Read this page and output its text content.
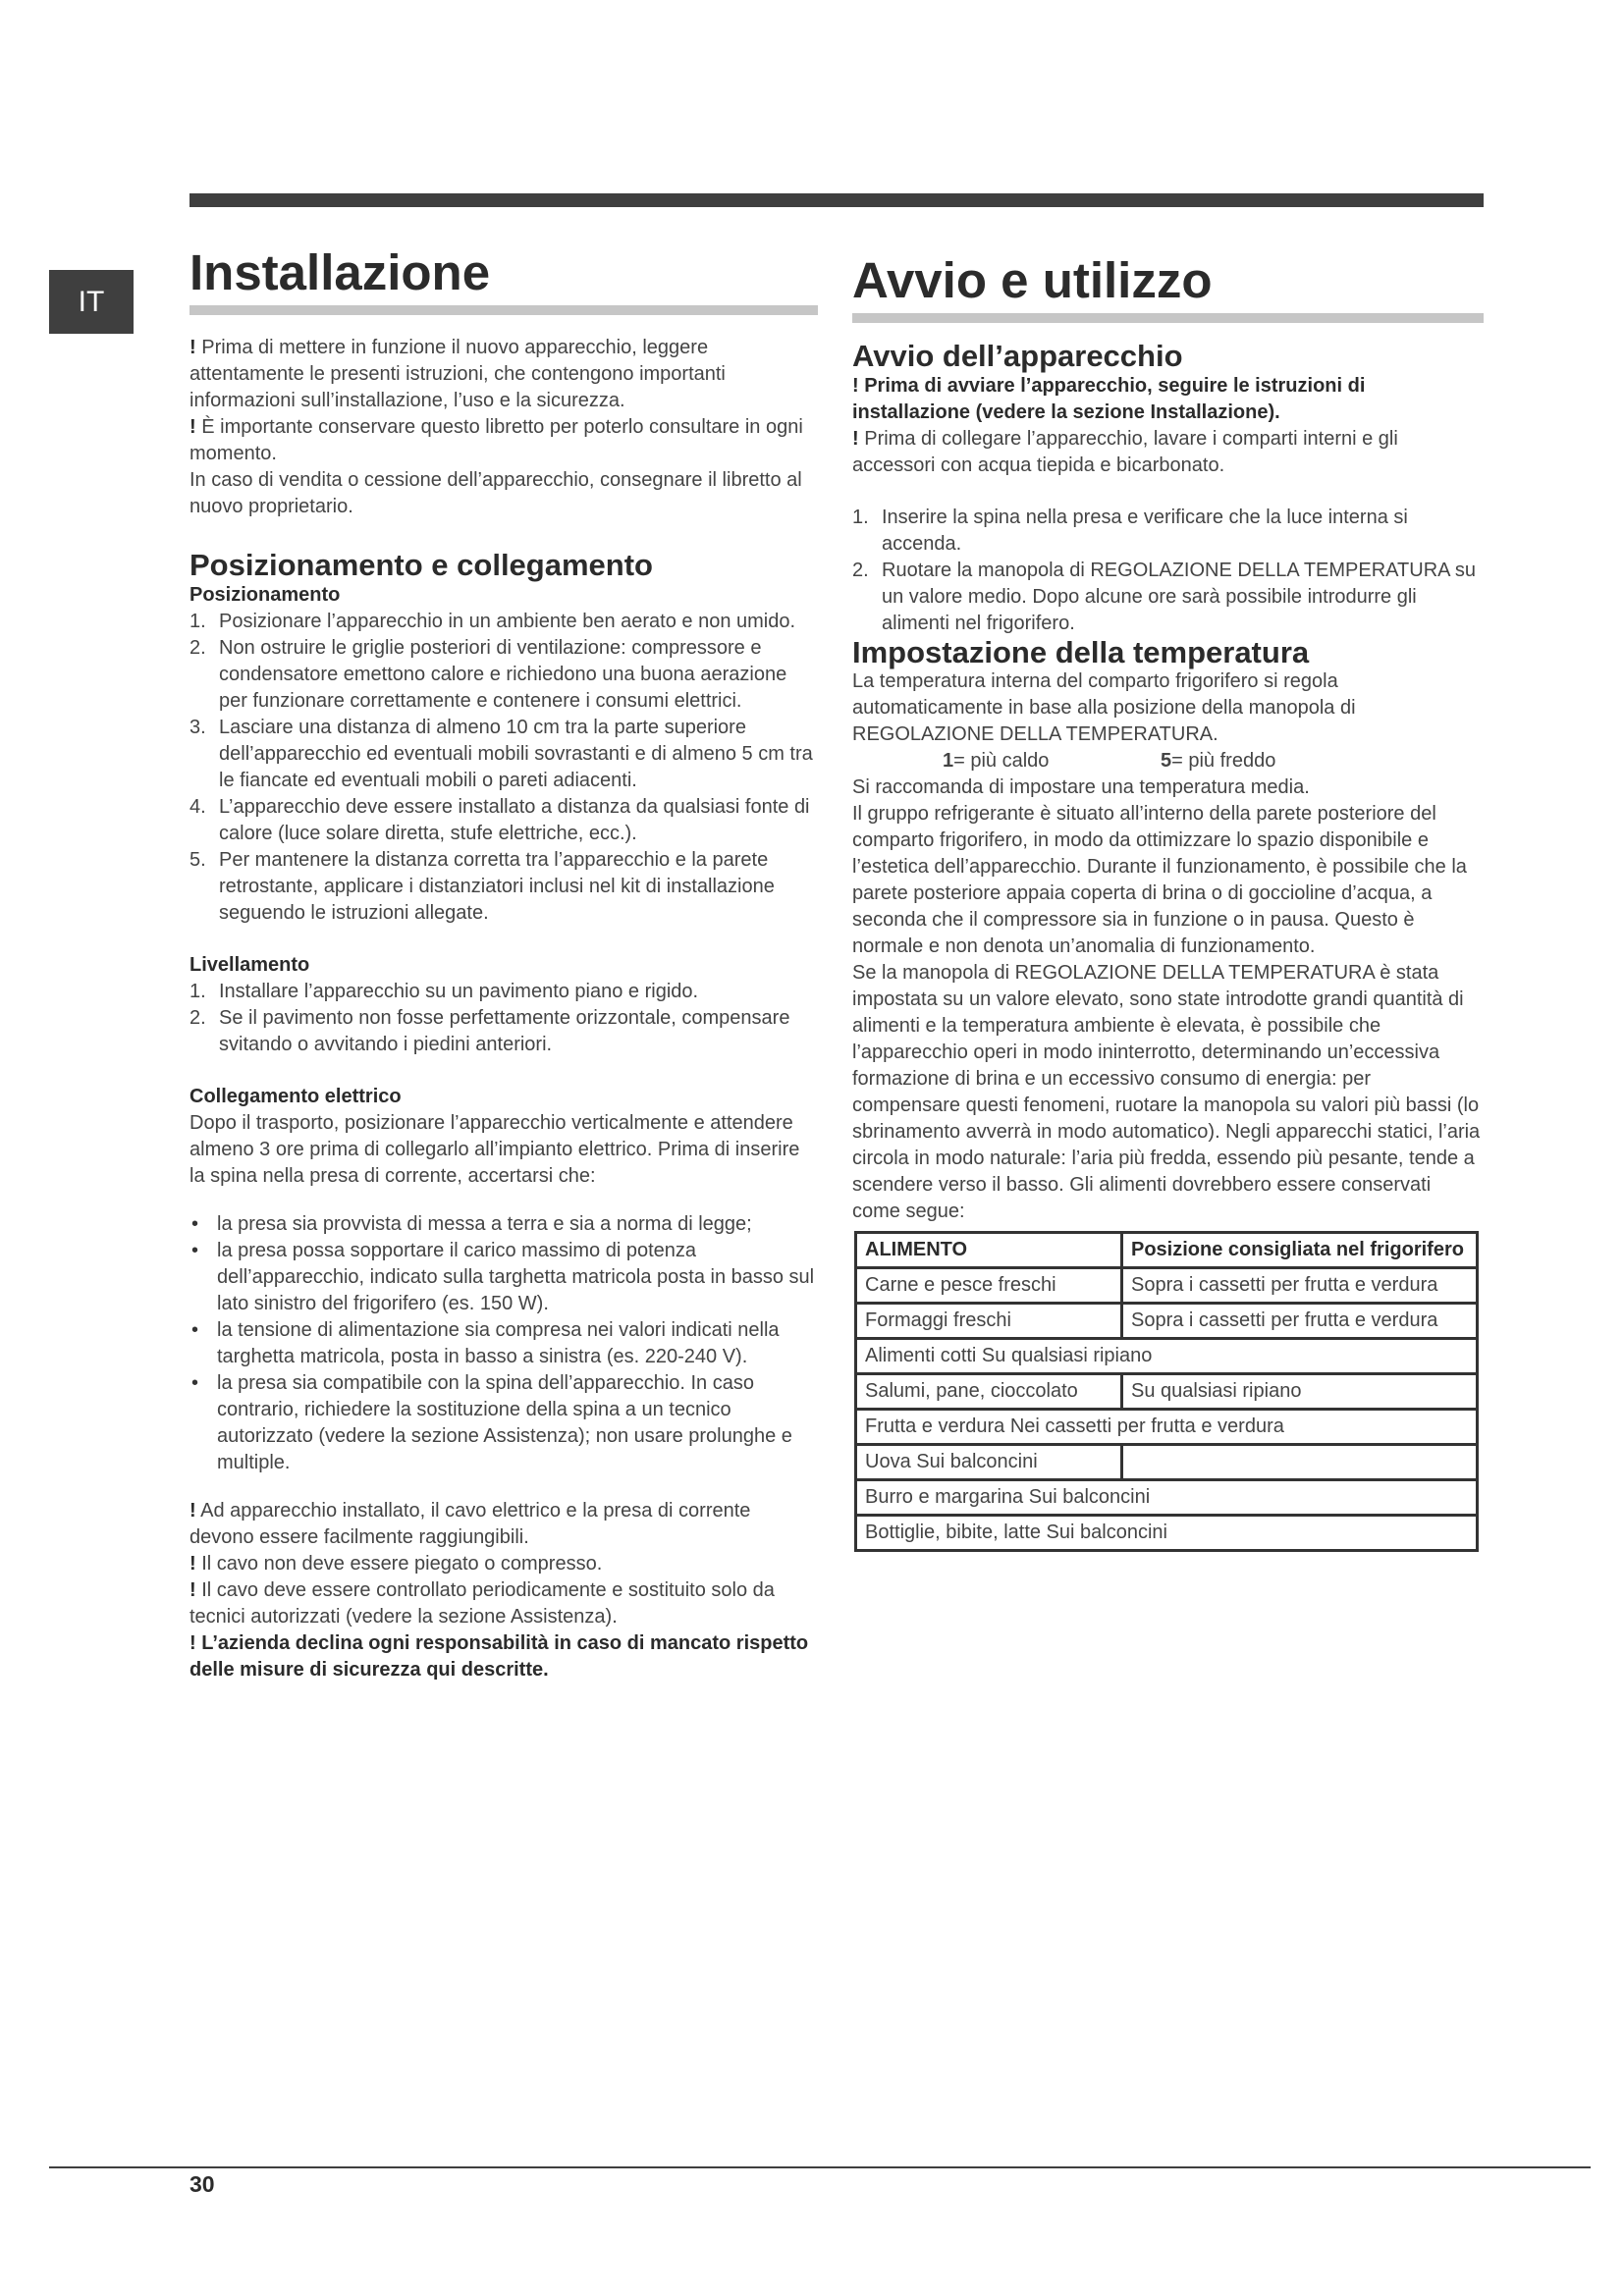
IT
Installazione

! Prima di mettere in funzione il nuovo apparecchio, leggere attentamente le presenti istruzioni, che contengono importanti informazioni sull’installazione, l’uso e la sicurezza.

! È importante conservare questo libretto per poterlo consultare in ogni momento.

In caso di vendita o cessione dell’apparecchio, consegnare il libretto al nuovo proprietario.

Posizionamento e collegamento
Posizionamento
1. Posizionare l’apparecchio in un ambiente ben aerato e non umido.
2. Non ostruire le griglie posteriori di ventilazione: compressore e condensatore emettono calore e richiedono una buona aerazione per funzionare correttamente e contenere i consumi elettrici.
3. Lasciare una distanza di almeno 10 cm tra la parte superiore dell’apparecchio ed eventuali mobili sovrastanti e di almeno 5 cm tra le fiancate ed eventuali mobili o pareti adiacenti.
4. L’apparecchio deve essere installato a distanza da qualsiasi fonte di calore (luce solare diretta, stufe elettriche, ecc.).
5. Per mantenere la distanza corretta tra l’apparecchio e la parete retrostante, applicare i distanziatori inclusi nel kit di installazione seguendo le istruzioni allegate.
Livellamento
1. Installare l’apparecchio su un pavimento piano e rigido.
2. Se il pavimento non fosse perfettamente orizzontale, compensare svitando o avvitando i piedini anteriori.
Collegamento elettrico

Dopo il trasporto, posizionare l’apparecchio verticalmente e attendere almeno 3 ore prima di collegarlo all’impianto elettrico. Prima di inserire la spina nella presa di corrente, accertarsi che:

• la presa sia provvista di messa a terra e sia a norma di legge;
• la presa possa sopportare il carico massimo di potenza dell’apparecchio, indicato sulla targhetta matricola posta in basso sul lato sinistro del frigorifero (es. 150 W).
• la tensione di alimentazione sia compresa nei valori indicati nella targhetta matricola, posta in basso a sinistra (es. 220-240 V).
• la presa sia compatibile con la spina dell’apparecchio. In caso contrario, richiedere la sostituzione della spina a un tecnico autorizzato (vedere la sezione Assistenza); non usare prolunghe e multiple.

! Ad apparecchio installato, il cavo elettrico e la presa di corrente devono essere facilmente raggiungibili.

! Il cavo non deve essere piegato o compresso.

! Il cavo deve essere controllato periodicamente e sostituito solo da tecnici autorizzati (vedere la sezione Assistenza).

! L’azienda declina ogni responsabilità in caso di mancato rispetto delle misure di sicurezza qui descritte.

Avvio e utilizzo
Avvio dell’apparecchio

! Prima di avviare l’apparecchio, seguire le istruzioni di installazione (vedere la sezione Installazione).

! Prima di collegare l’apparecchio, lavare i comparti interni e gli accessori con acqua tiepida e bicarbonato.

1. Inserire la spina nella presa e verificare che la luce interna si accenda.
2. Ruotare la manopola di REGOLAZIONE DELLA TEMPERATURA su un valore medio. Dopo alcune ore sarà possibile introdurre gli alimenti nel frigorifero.
Impostazione della temperatura

La temperatura interna del comparto frigorifero si regola automaticamente in base alla posizione della manopola di REGOLAZIONE DELLA TEMPERATURA.

1= più caldo	5= più freddo

Si raccomanda di impostare una temperatura media.

Il gruppo refrigerante è situato all’interno della parete posteriore del comparto frigorifero, in modo da ottimizzare lo spazio disponibile e l’estetica dell’apparecchio. Durante il funzionamento, è possibile che la parete posteriore appaia coperta di brina o di goccioline d’acqua, a seconda che il compressore sia in funzione o in pausa. Questo è normale e non denota un’anomalia di funzionamento.

Se la manopola di REGOLAZIONE DELLA TEMPERATURA è stata impostata su un valore elevato, sono state introdotte grandi quantità di alimenti e la temperatura ambiente è elevata, è possibile che l’apparecchio operi in modo ininterrotto, determinando un’eccessiva formazione di brina e un eccessivo consumo di energia: per compensare questi fenomeni, ruotare la manopola su valori più bassi (lo sbrinamento avverrà in modo automatico). Negli apparecchi statici, l’aria circola in modo naturale: l’aria più fredda, essendo più pesante, tende a scendere verso il basso. Gli alimenti dovrebbero essere conservati come segue:

ALIMENTO	Posizione consigliata nel frigorifero
Carne e pesce freschi	Sopra i cassetti per frutta e verdura
Formaggi freschi	Sopra i cassetti per frutta e verdura
Alimenti cotti Su qualsiasi ripiano	
Salumi, pane, cioccolato	Su qualsiasi ripiano
Frutta e verdura Nei cassetti per frutta e verdura	
Uova Sui balconcini	
Burro e margarina Sui balconcini	
Bottiglie, bibite, latte Sui balconcini	
30
